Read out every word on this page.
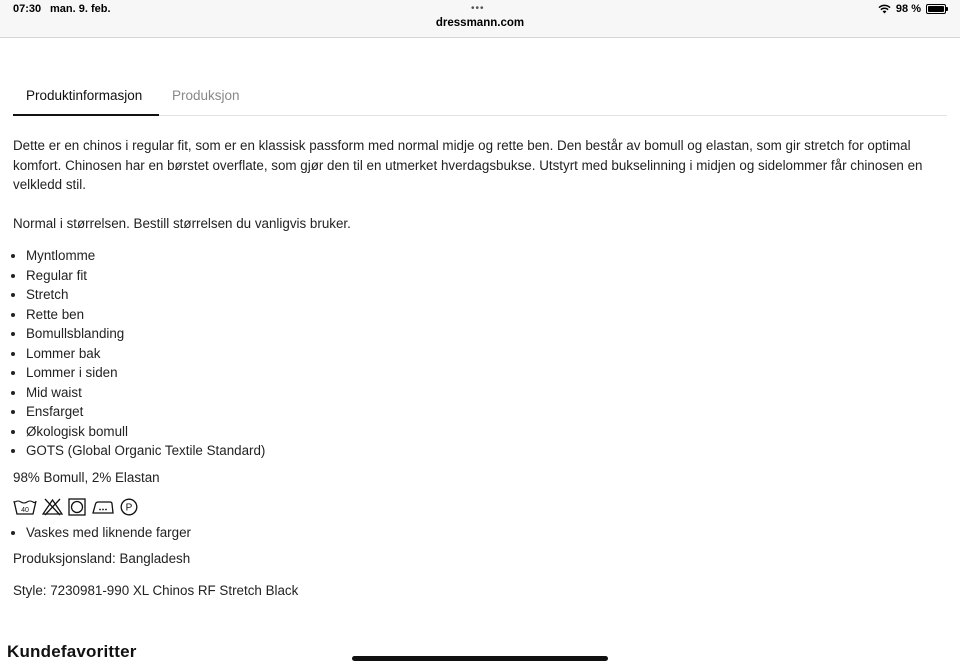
07:30 man. 9. feb.	•••
dressmann.com
98 %
Produktinformasjon	Produksjon

Dette er en chinos i regular fit, som er en klassisk passform med normal midje og rette ben. Den består av bomull og elastan, som gir stretch for optimal komfort. Chinosen har en børstet overflate, som gjør den til en utmerket hverdagsbukse. Utstyrt med bukselinning i midjen og sidelommer får chinosen en velkledd stil.

Normal i størrelsen. Bestill størrelsen du vanligvis bruker.

• Myntlomme
• Regular fit
• Stretch
• Rette ben
• Bomullsblanding
• Lommer bak
• Lommer i siden
• Mid waist
• Ensfarget
• Økologisk bomull
• GOTS (Global Organic Textile Standard)

98% Bomull, 2% Elastan

40	P
• Vaskes med liknende farger

Produksjonsland: Bangladesh

Style: 7230981-990 XL Chinos RF Stretch Black

Kundefavoritter
